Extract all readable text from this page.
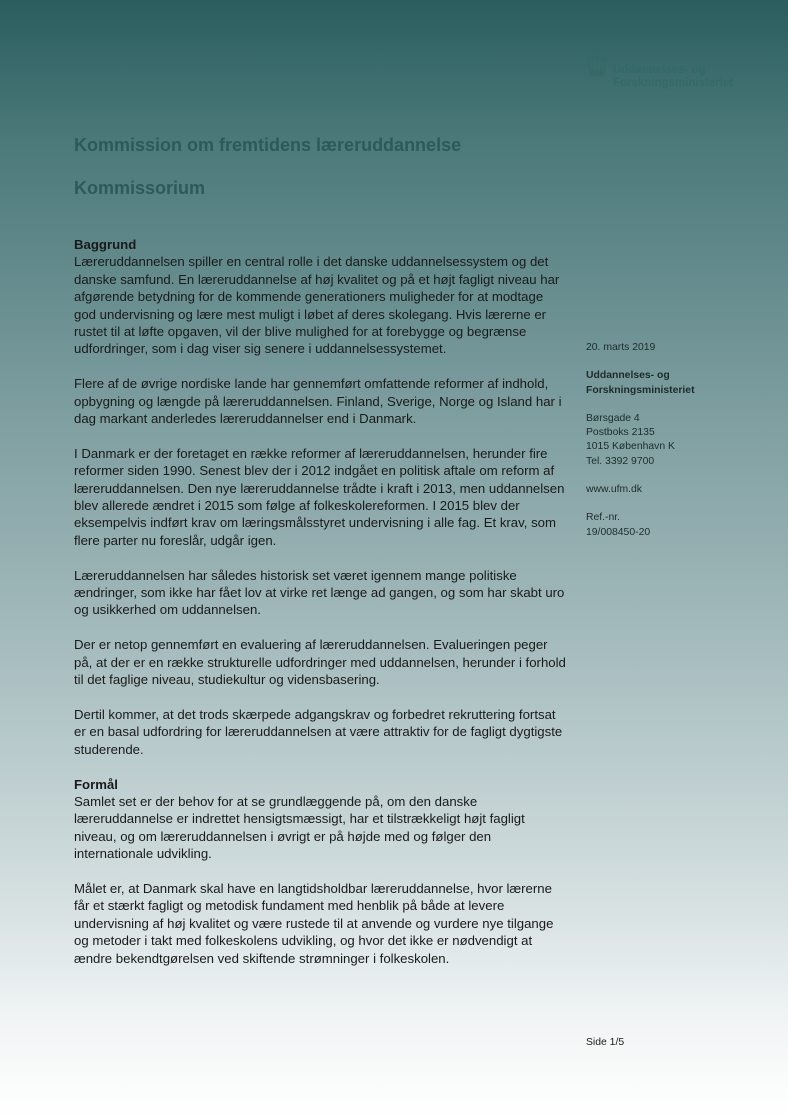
Uddannelses- og
Forskningsministeriet
Kommission om fremtidens læreruddannelse
Kommissorium
Baggrund

Læreruddannelsen spiller en central rolle i det danske uddannelsessystem og det danske samfund. En læreruddannelse af høj kvalitet og på et højt fagligt niveau har afgørende betydning for de kommende generationers muligheder for at modtage god undervisning og lære mest muligt i løbet af deres skolegang. Hvis lærerne er rustet til at løfte opgaven, vil der blive mulighed for at forebygge og begrænse udfordringer, som i dag viser sig senere i uddannelsessystemet.

Flere af de øvrige nordiske lande har gennemført omfattende reformer af indhold, opbygning og længde på læreruddannelsen. Finland, Sverige, Norge og Island har i dag markant anderledes læreruddannelser end i Danmark.

I Danmark er der foretaget en række reformer af læreruddannelsen, herunder fire reformer siden 1990. Senest blev der i 2012 indgået en politisk aftale om reform af læreruddannelsen. Den nye læreruddannelse trådte i kraft i 2013, men uddannelsen blev allerede ændret i 2015 som følge af folkeskolereformen. I 2015 blev der eksempelvis indført krav om læringsmålsstyret undervisning i alle fag. Et krav, som flere parter nu foreslår, udgår igen.

Læreruddannelsen har således historisk set været igennem mange politiske ændringer, som ikke har fået lov at virke ret længe ad gangen, og som har skabt uro og usikkerhed om uddannelsen.

Der er netop gennemført en evaluering af læreruddannelsen. Evalueringen peger på, at der er en række strukturelle udfordringer med uddannelsen, herunder i forhold til det faglige niveau, studiekultur og vidensbasering.

Dertil kommer, at det trods skærpede adgangskrav og forbedret rekruttering fortsat er en basal udfordring for læreruddannelsen at være attraktiv for de fagligt dygtigste studerende.

Formål

Samlet set er der behov for at se grundlæggende på, om den danske læreruddannelse er indrettet hensigtsmæssigt, har et tilstrækkeligt højt fagligt niveau, og om læreruddannelsen i øvrigt er på højde med og følger den internationale udvikling.

Målet er, at Danmark skal have en langtidsholdbar læreruddannelse, hvor lærerne får et stærkt fagligt og metodisk fundament med henblik på både at levere undervisning af høj kvalitet og være rustede til at anvende og vurdere nye tilgange og metoder i takt med folkeskolens udvikling, og hvor det ikke er nødvendigt at ændre bekendtgørelsen ved skiftende strømninger i folkeskolen.

20. marts 2019
Uddannelses- og
Forskningsministeriet
Børsgade 4
Postboks 2135
1015 København K
Tel. 3392 9700
www.ufm.dk
Ref.-nr.
19/008450-20
Side 1/5
